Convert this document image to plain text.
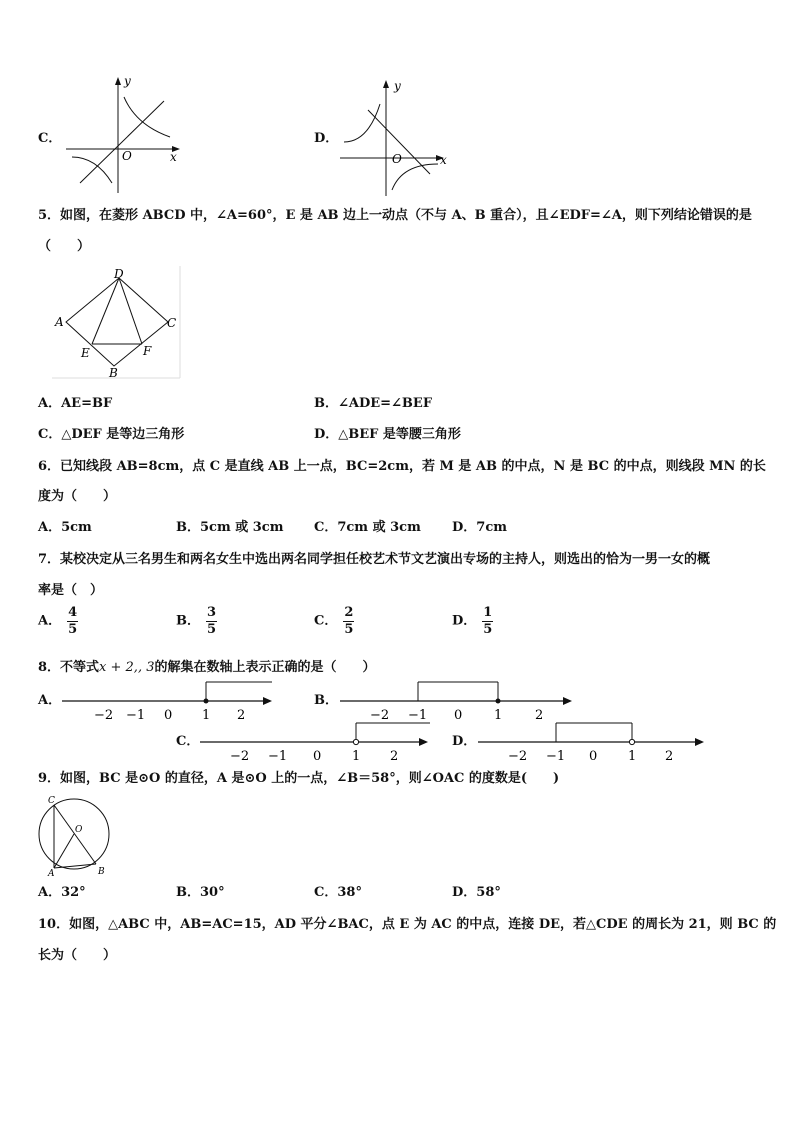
C．
y
x
O
D．
y
x
O
5．如图，在菱形 ABCD 中，∠A=60°，E 是 AB 边上一动点（不与 A、B 重合），且∠EDF=∠A，则下列结论错误的是
（　　）
D
A	C
E	F
B
A．AE=BF	B．∠ADE=∠BEF
C．△DEF 是等边三角形	D．△BEF 是等腰三角形
6．已知线段 AB=8cm，点 C 是直线 AB 上一点，BC=2cm，若 M 是 AB 的中点，N 是 BC 的中点，则线段 MN 的长
度为（　　）
A．5cm	B．5cm 或 3cm C．7cm 或 3cm D．7cm
7．某校决定从三名男生和两名女生中选出两名同学担任校艺术节文艺演出专场的主持人，则选出的恰为一男一女的概
率是（　）
A． $\frac{4}{5}$	B． $\frac{3}{5}$	C． $\frac{2}{5}$	D． $\frac{1}{5}$
8．不等式x + 2,, 3的解集在数轴上表示正确的是（　　）
A．
−2 −1 0 1 2
B．
−2 −1 0 1	2
C．
−2 −1 0 1 2
D．
−2 −1 0 1 2
9．如图，BC 是⊙O 的直径，A 是⊙O 上的一点，∠B＝58°，则∠OAC 的度数是(　　)
C
O
A	B
A．32°	B．30°	C．38°	D．58°
10．如图，△ABC 中，AB=AC=15，AD 平分∠BAC，点 E 为 AC 的中点，连接 DE，若△CDE 的周长为 21，则 BC 的
长为（　　）
